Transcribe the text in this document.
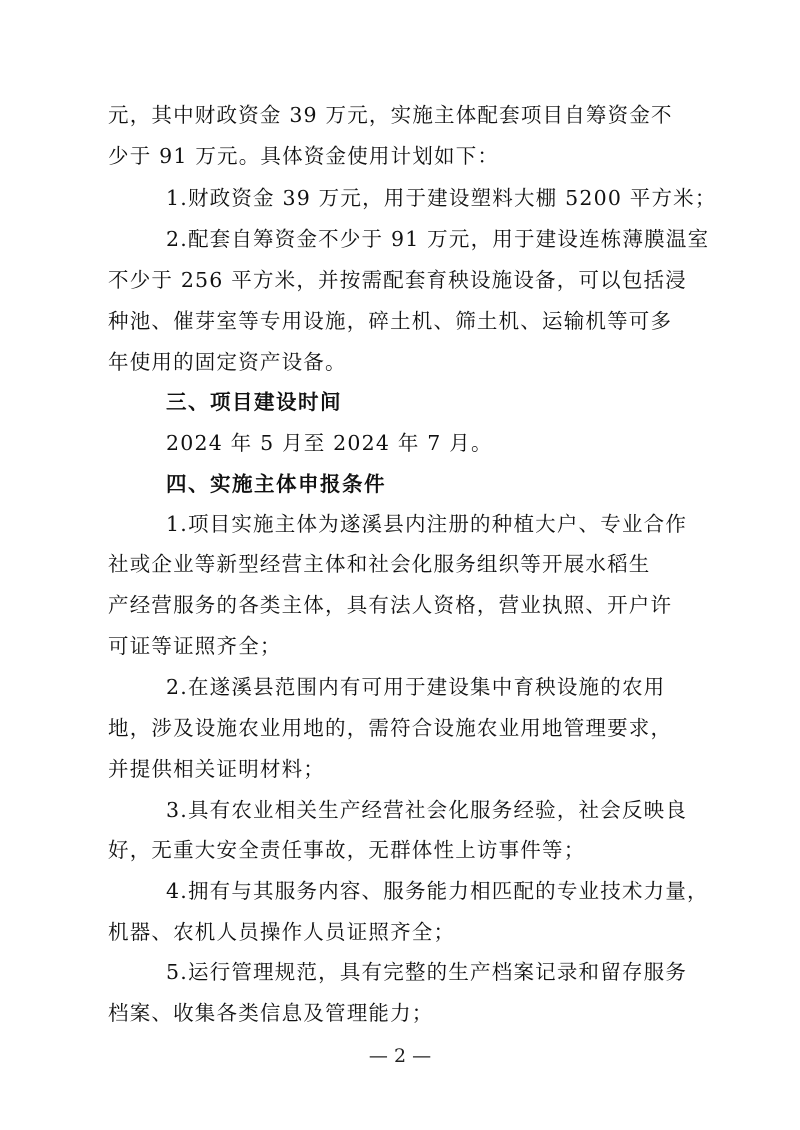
元，其中财政资金 39 万元，实施主体配套项目自筹资金不
少于 91 万元。具体资金使用计划如下：
1.财政资金 39 万元，用于建设塑料大棚 5200 平方米；
2.配套自筹资金不少于 91 万元，用于建设连栋薄膜温室
不少于 256 平方米，并按需配套育秧设施设备，可以包括浸
种池、催芽室等专用设施，碎土机、筛土机、运输机等可多
年使用的固定资产设备。
三、项目建设时间
2024 年 5 月至 2024 年 7 月。
四、实施主体申报条件
1.项目实施主体为遂溪县内注册的种植大户、专业合作
社或企业等新型经营主体和社会化服务组织等开展水稻生
产经营服务的各类主体，具有法人资格，营业执照、开户许
可证等证照齐全；
2.在遂溪县范围内有可用于建设集中育秧设施的农用
地，涉及设施农业用地的，需符合设施农业用地管理要求，
并提供相关证明材料；
3.具有农业相关生产经营社会化服务经验，社会反映良
好，无重大安全责任事故，无群体性上访事件等；
4.拥有与其服务内容、服务能力相匹配的专业技术力量，
机器、农机人员操作人员证照齐全；
5.运行管理规范，具有完整的生产档案记录和留存服务
档案、收集各类信息及管理能力；
— 2 —
